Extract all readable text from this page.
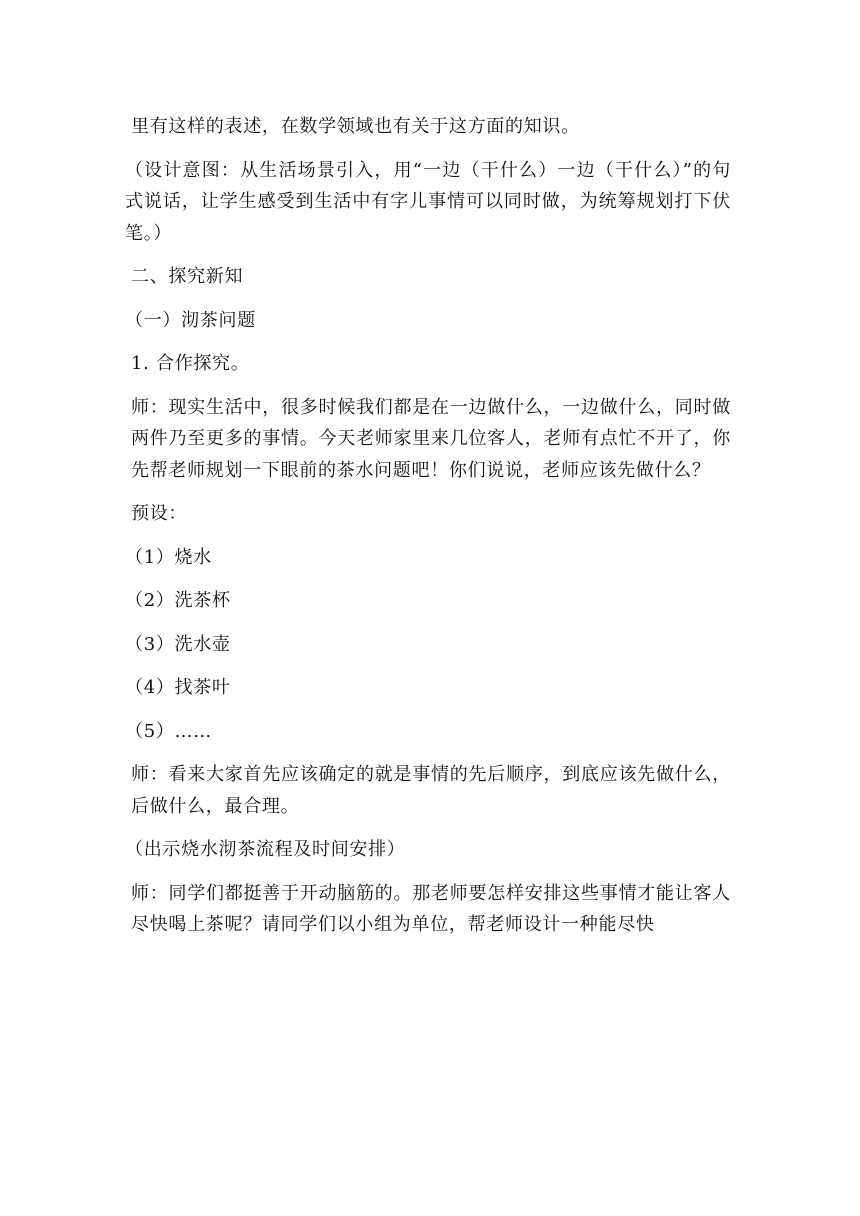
里有这样的表述，在数学领域也有关于这方面的知识。

（设计意图：从生活场景引入，用“一边（干什么）一边（干什么）”的句式说话，让学生感受到生活中有字儿事情可以同时做，为统筹规划打下伏笔。）

二、探究新知

（一）沏茶问题

1. 合作探究。

师：现实生活中，很多时候我们都是在一边做什么，一边做什么，同时做两件乃至更多的事情。今天老师家里来几位客人，老师有点忙不开了，你先帮老师规划一下眼前的茶水问题吧！你们说说，老师应该先做什么？

预设：

（1）烧水

（2）洗茶杯

（3）洗水壶

（4）找茶叶

（5）……

师：看来大家首先应该确定的就是事情的先后顺序，到底应该先做什么，后做什么，最合理。

（出示烧水沏茶流程及时间安排）

师：同学们都挺善于开动脑筋的。那老师要怎样安排这些事情才能让客人尽快喝上茶呢？请同学们以小组为单位，帮老师设计一种能尽快
